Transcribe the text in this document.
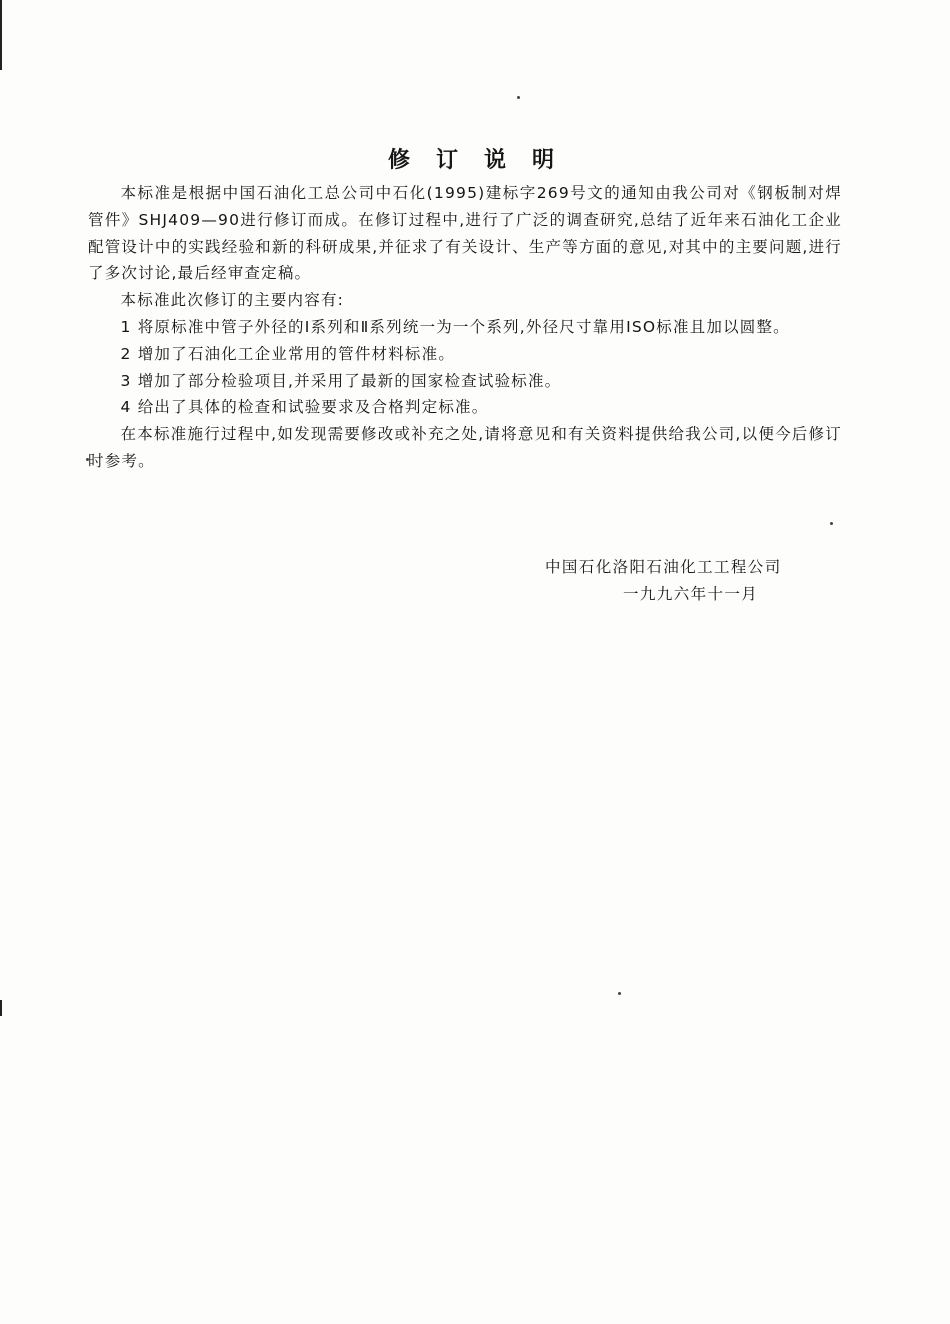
修订说明

本标准是根据中国石油化工总公司中石化(1995)建标字269号文的通知由我公司对《钢板制对焊管件》SHJ409—90进行修订而成。在修订过程中,进行了广泛的调查研究,总结了近年来石油化工企业配管设计中的实践经验和新的科研成果,并征求了有关设计、生产等方面的意见,对其中的主要问题,进行了多次讨论,最后经审查定稿。

本标准此次修订的主要内容有:

1 将原标准中管子外径的Ⅰ系列和Ⅱ系列统一为一个系列,外径尺寸靠用ISO标准且加以圆整。

2 增加了石油化工企业常用的管件材料标准。

3 增加了部分检验项目,并采用了最新的国家检查试验标准。

4 给出了具体的检查和试验要求及合格判定标准。

在本标准施行过程中,如发现需要修改或补充之处,请将意见和有关资料提供给我公司,以便今后修订时参考。

中国石化洛阳石油化工工程公司
一九九六年十一月
